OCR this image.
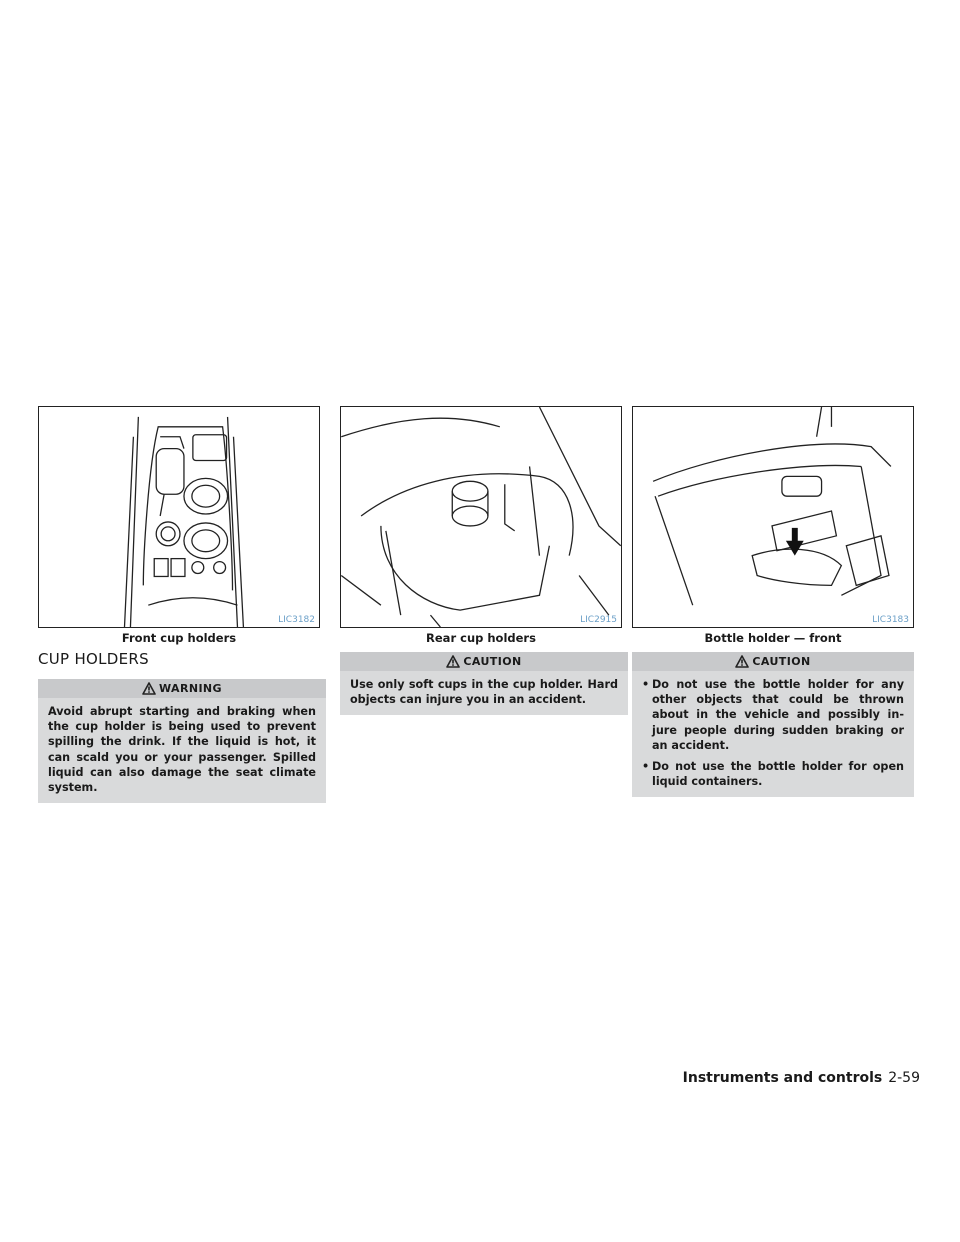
LIC3182
Front cup holders
LIC2915
Rear cup holders
LIC3183
Bottle holder — front
CUP HOLDERS
WARNING
Avoid abrupt starting and braking when the cup holder is being used to prevent spilling the drink. If the liquid is hot, it can scald you or your passenger. Spilled liquid can also damage the seat climate system.
CAUTION
Use only soft cups in the cup holder. Hard objects can injure you in an accident.
CAUTION
• Do not use the bottle holder for any other objects that could be thrown about in the vehicle and possibly in- jure people during sudden braking or an accident.
• Do not use the bottle holder for open liquid containers.
Instruments and controls 2-59
